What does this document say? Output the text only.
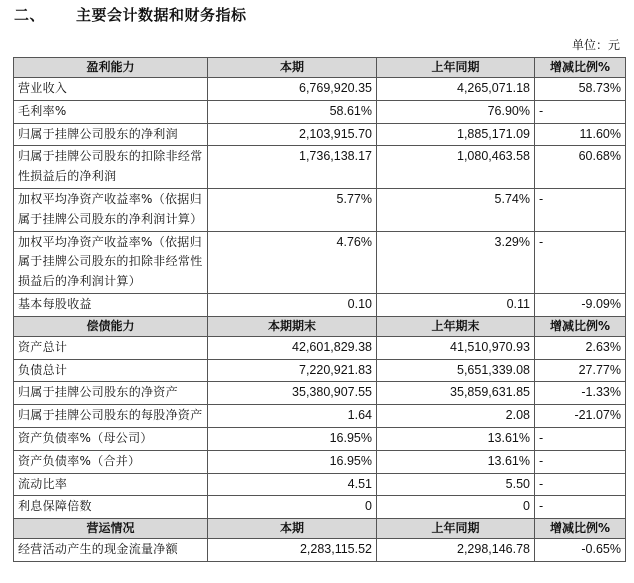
二、 主要会计数据和财务指标
单位：元
盈利能力	本期	上年同期	增减比例%
营业收入	6,769,920.35	4,265,071.18	58.73%
毛利率%	58.61%	76.90%	-
归属于挂牌公司股东的净利润	2,103,915.70	1,885,171.09	11.60%
归属于挂牌公司股东的扣除非经常性损益后的净利润	1,736,138.17	1,080,463.58	60.68%
加权平均净资产收益率%（依据归属于挂牌公司股东的净利润计算）	5.77%	5.74%	-
加权平均净资产收益率%（依据归属于挂牌公司股东的扣除非经常性损益后的净利润计算）	4.76%	3.29%	-
基本每股收益	0.10	0.11	-9.09%
偿债能力	本期期末	上年期末	增减比例%
资产总计	42,601,829.38	41,510,970.93	2.63%
负债总计	7,220,921.83	5,651,339.08	27.77%
归属于挂牌公司股东的净资产	35,380,907.55	35,859,631.85	-1.33%
归属于挂牌公司股东的每股净资产	1.64	2.08	-21.07%
资产负债率%（母公司）	16.95%	13.61%	-
资产负债率%（合并）	16.95%	13.61%	-
流动比率	4.51	5.50	-
利息保障倍数	0	0	-
营运情况	本期	上年同期	增减比例%
经营活动产生的现金流量净额	2,283,115.52	2,298,146.78	-0.65%
